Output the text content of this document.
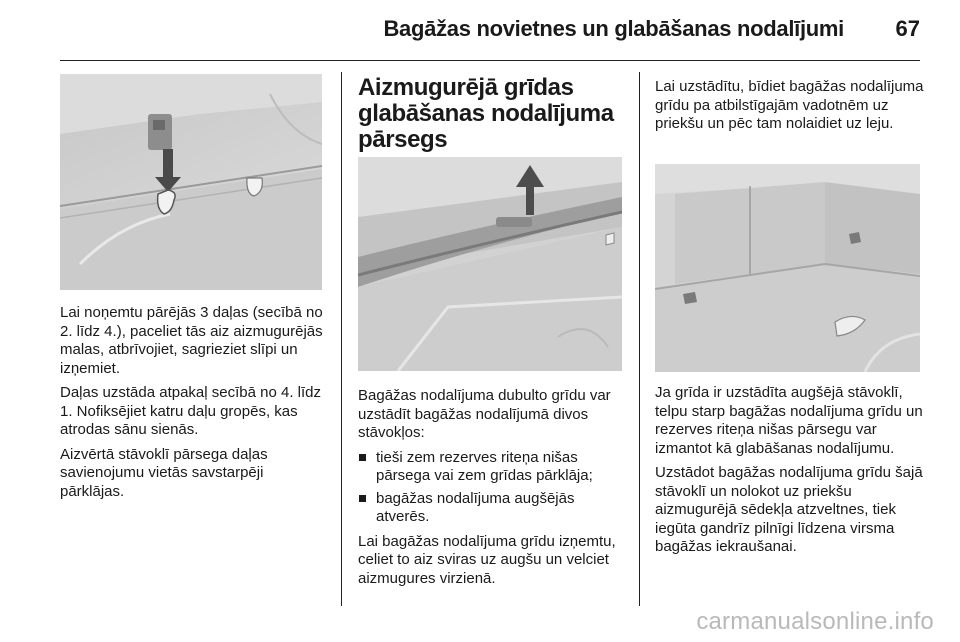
Bagāžas novietnes un glabāšanas nodalījumi 67

Lai noņemtu pārējās 3 daļas (secībā no 2. līdz 4.), paceliet tās aiz aizmugurējās malas, atbrīvojiet, sagrieziet slīpi un izņemiet.

Daļas uzstāda atpakaļ secībā no 4. līdz 1. Nofiksējiet katru daļu gropēs, kas atrodas sānu sienās.

Aizvērtā stāvoklī pārsega daļas savienojumu vietās savstarpēji pārklājas.

Aizmugurējā grīdas
glabāšanas nodalījuma
pārsegs

Bagāžas nodalījuma dubulto grīdu var uzstādīt bagāžas nodalījumā divos stāvokļos:

tieši zem rezerves riteņa nišas pārsega vai zem grīdas pārklāja;
bagāžas nodalījuma augšējās atverēs.

Lai bagāžas nodalījuma grīdu izņemtu, celiet to aiz sviras uz augšu un velciet aizmugures virzienā.

Lai uzstādītu, bīdiet bagāžas nodalījuma grīdu pa atbilstīgajām vadotnēm uz priekšu un pēc tam nolaidiet uz leju.

Ja grīda ir uzstādīta augšējā stāvoklī, telpu starp bagāžas nodalījuma grīdu un rezerves riteņa nišas pārsegu var izmantot kā glabāšanas nodalījumu.

Uzstādot bagāžas nodalījuma grīdu šajā stāvoklī un nolokot uz priekšu aizmugurējā sēdekļa atzveltnes, tiek iegūta gandrīz pilnīgi līdzena virsma bagāžas iekraušanai.

carmanualsonline.info
